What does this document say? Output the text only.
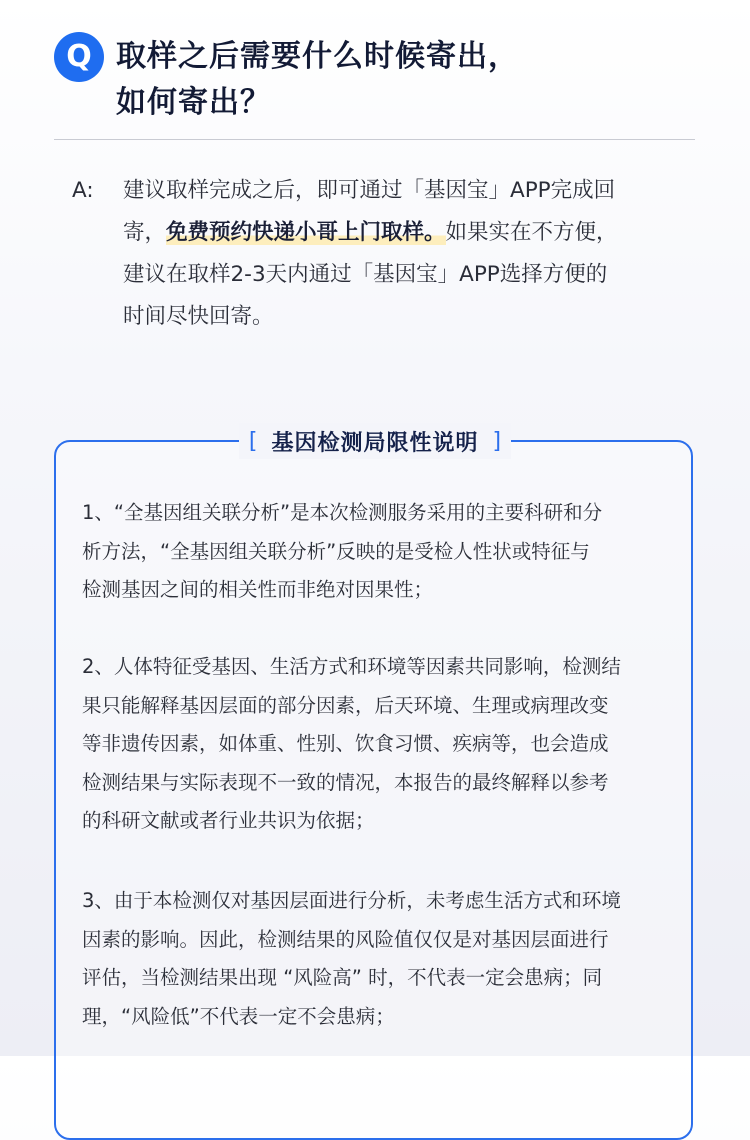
Q 取样之后需要什么时候寄出，
如何寄出？
A: 建议取样完成之后，即可通过「基因宝」APP完成回
寄，免费预约快递小哥上门取样。如果实在不方便，
建议在取样2-3天内通过「基因宝」APP选择方便的
时间尽快回寄。
[ 基因检测局限性说明 ]
1、“全基因组关联分析”是本次检测服务采用的主要科研和分
析方法，“全基因组关联分析”反映的是受检人性状或特征与
检测基因之间的相关性而非绝对因果性；
2、人体特征受基因、生活方式和环境等因素共同影响，检测结
果只能解释基因层面的部分因素，后天环境、生理或病理改变
等非遗传因素，如体重、性别、饮食习惯、疾病等，也会造成
检测结果与实际表现不一致的情况，本报告的最终解释以参考
的科研文献或者行业共识为依据；
3、由于本检测仅对基因层面进行分析，未考虑生活方式和环境
因素的影响。因此，检测结果的风险值仅仅是对基因层面进行
评估，当检测结果出现 “风险高” 时，不代表一定会患病；同
理，“风险低”不代表一定不会患病；
